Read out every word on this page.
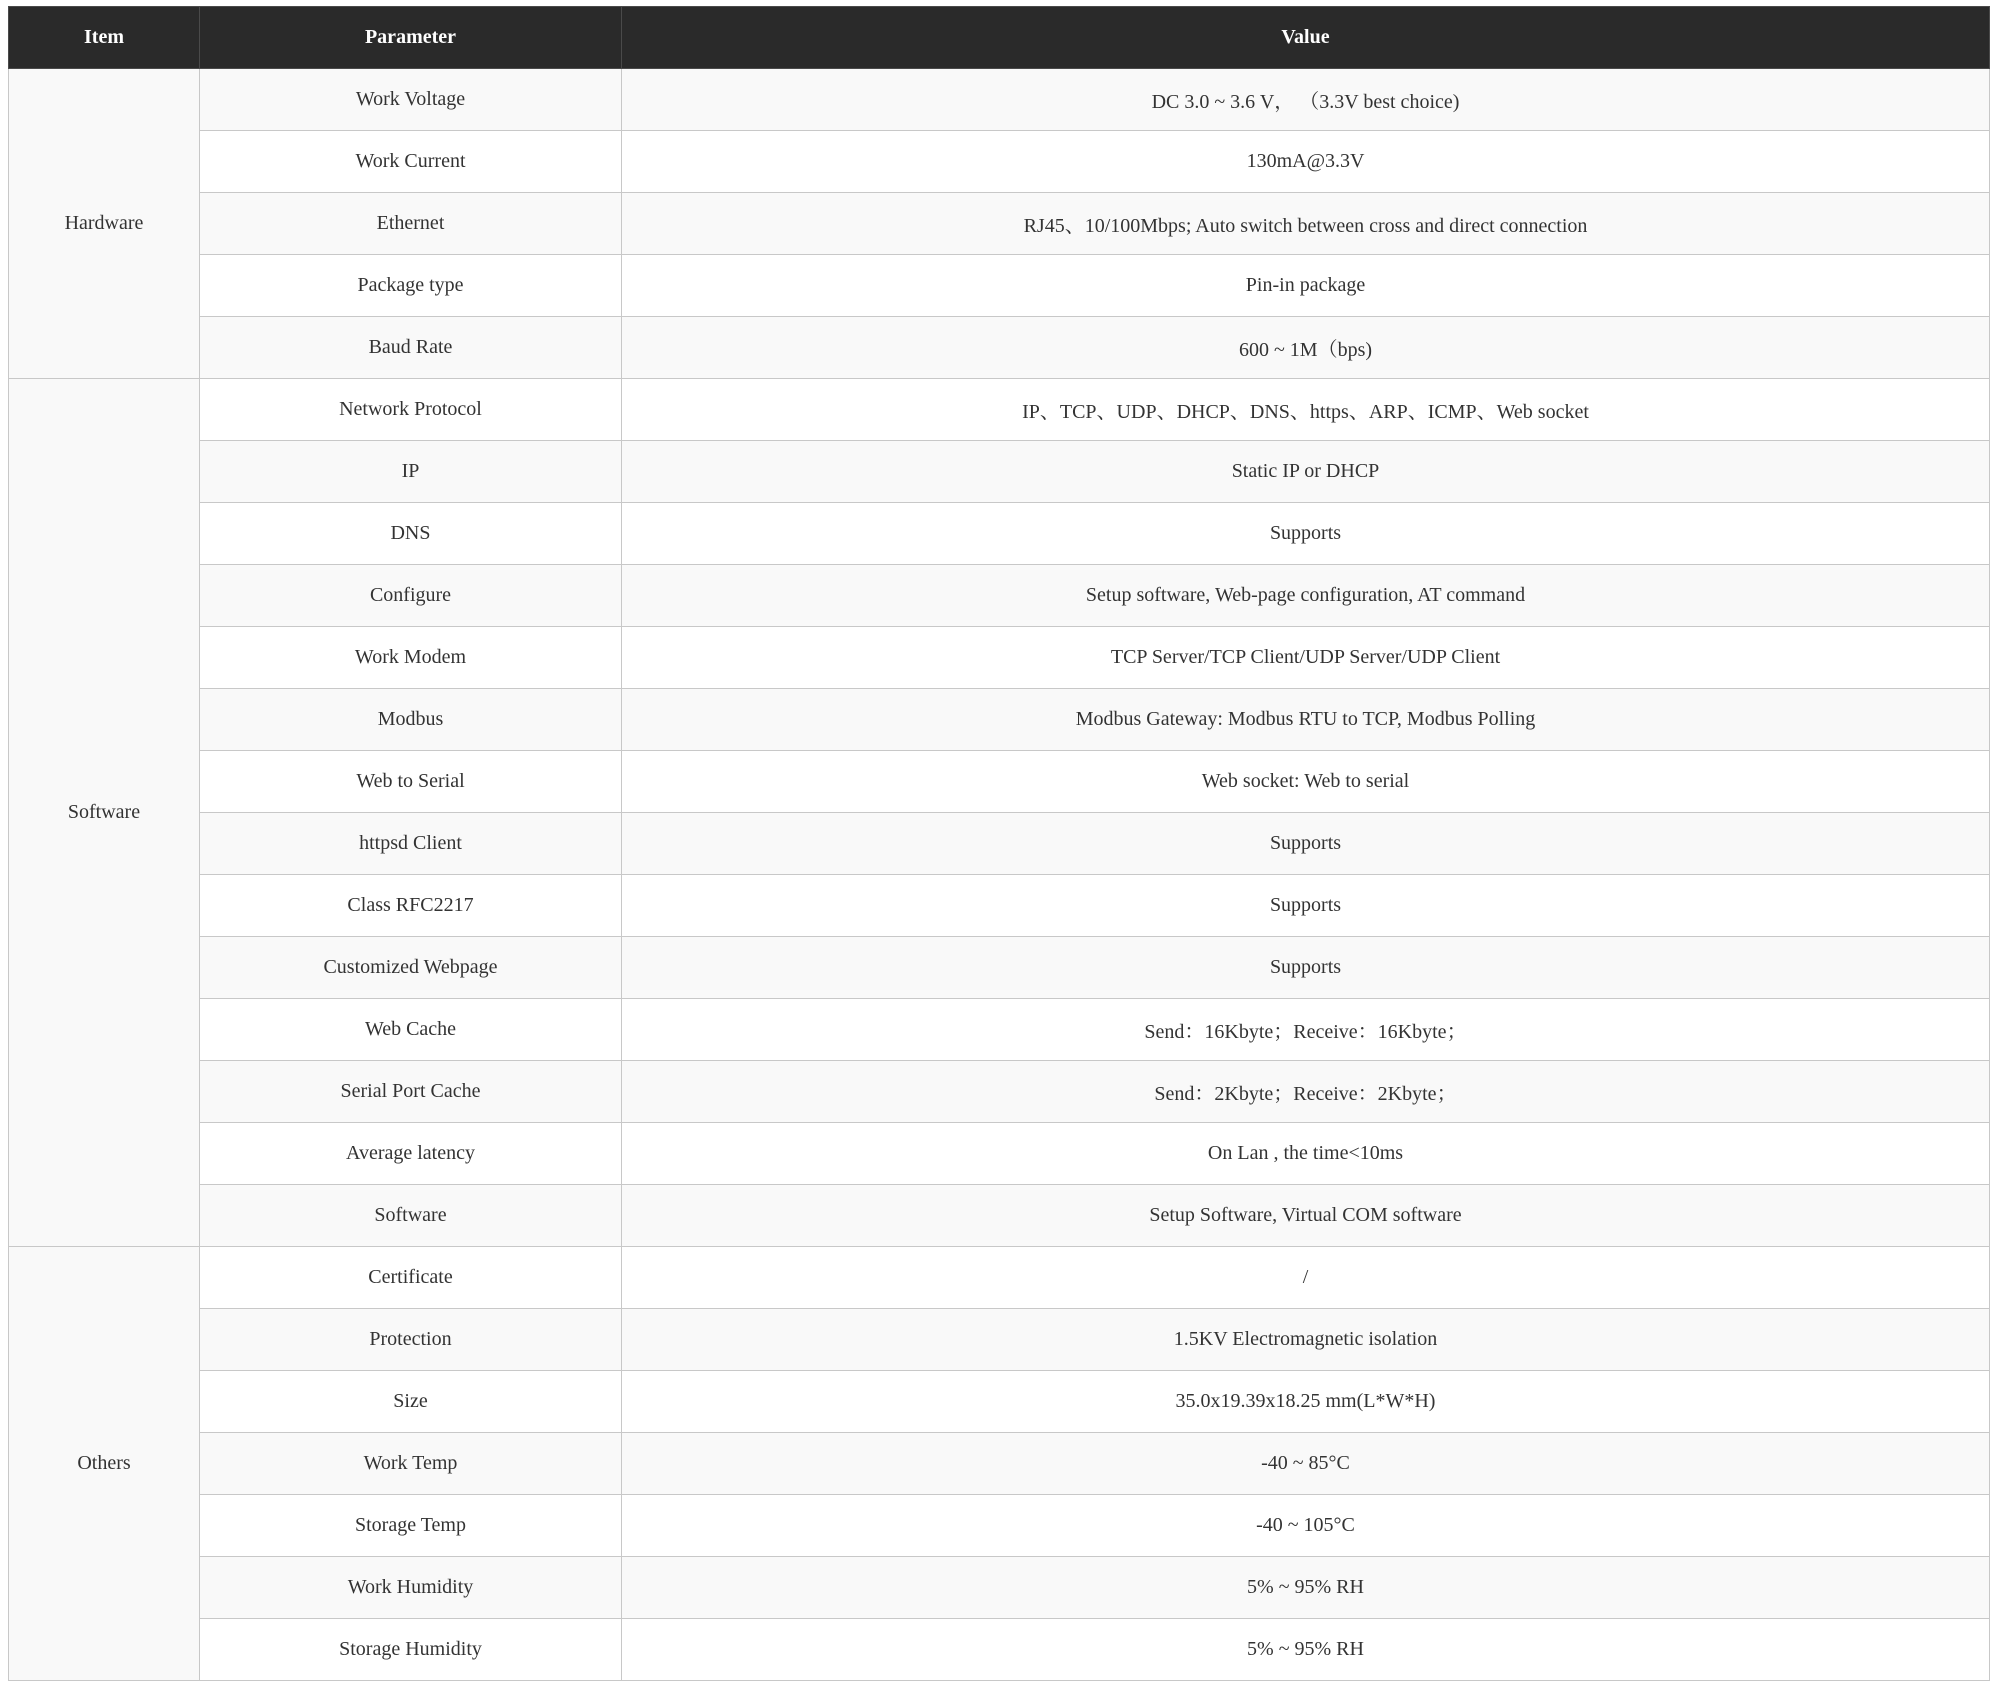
Item	Parameter	Value
Hardware	Work Voltage	DC 3.0 ~ 3.6 V， （3.3V best choice)
	Work Current	130mA@3.3V
	Ethernet	RJ45、10/100Mbps; Auto switch between cross and direct connection
	Package type	Pin-in package
	Baud Rate	600 ~ 1M（bps)
Software	Network Protocol	IP、TCP、UDP、DHCP、DNS、https、ARP、ICMP、Web socket
	IP	Static IP or DHCP
	DNS	Supports
	Configure	Setup software, Web-page configuration, AT command
	Work Modem	TCP Server/TCP Client/UDP Server/UDP Client
	Modbus	Modbus Gateway: Modbus RTU to TCP, Modbus Polling
	Web to Serial	Web socket: Web to serial
	httpsd Client	Supports
	Class RFC2217	Supports
	Customized Webpage	Supports
	Web Cache	Send：16Kbyte；Receive：16Kbyte；
	Serial Port Cache	Send：2Kbyte；Receive：2Kbyte；
	Average latency	On Lan , the time<10ms
	Software	Setup Software, Virtual COM software
Others	Certificate	/
	Protection	1.5KV Electromagnetic isolation
	Size	35.0x19.39x18.25 mm(L*W*H)
	Work Temp	-40 ~ 85°C
	Storage Temp	-40 ~ 105°C
	Work Humidity	5% ~ 95% RH
	Storage Humidity	5% ~ 95% RH
